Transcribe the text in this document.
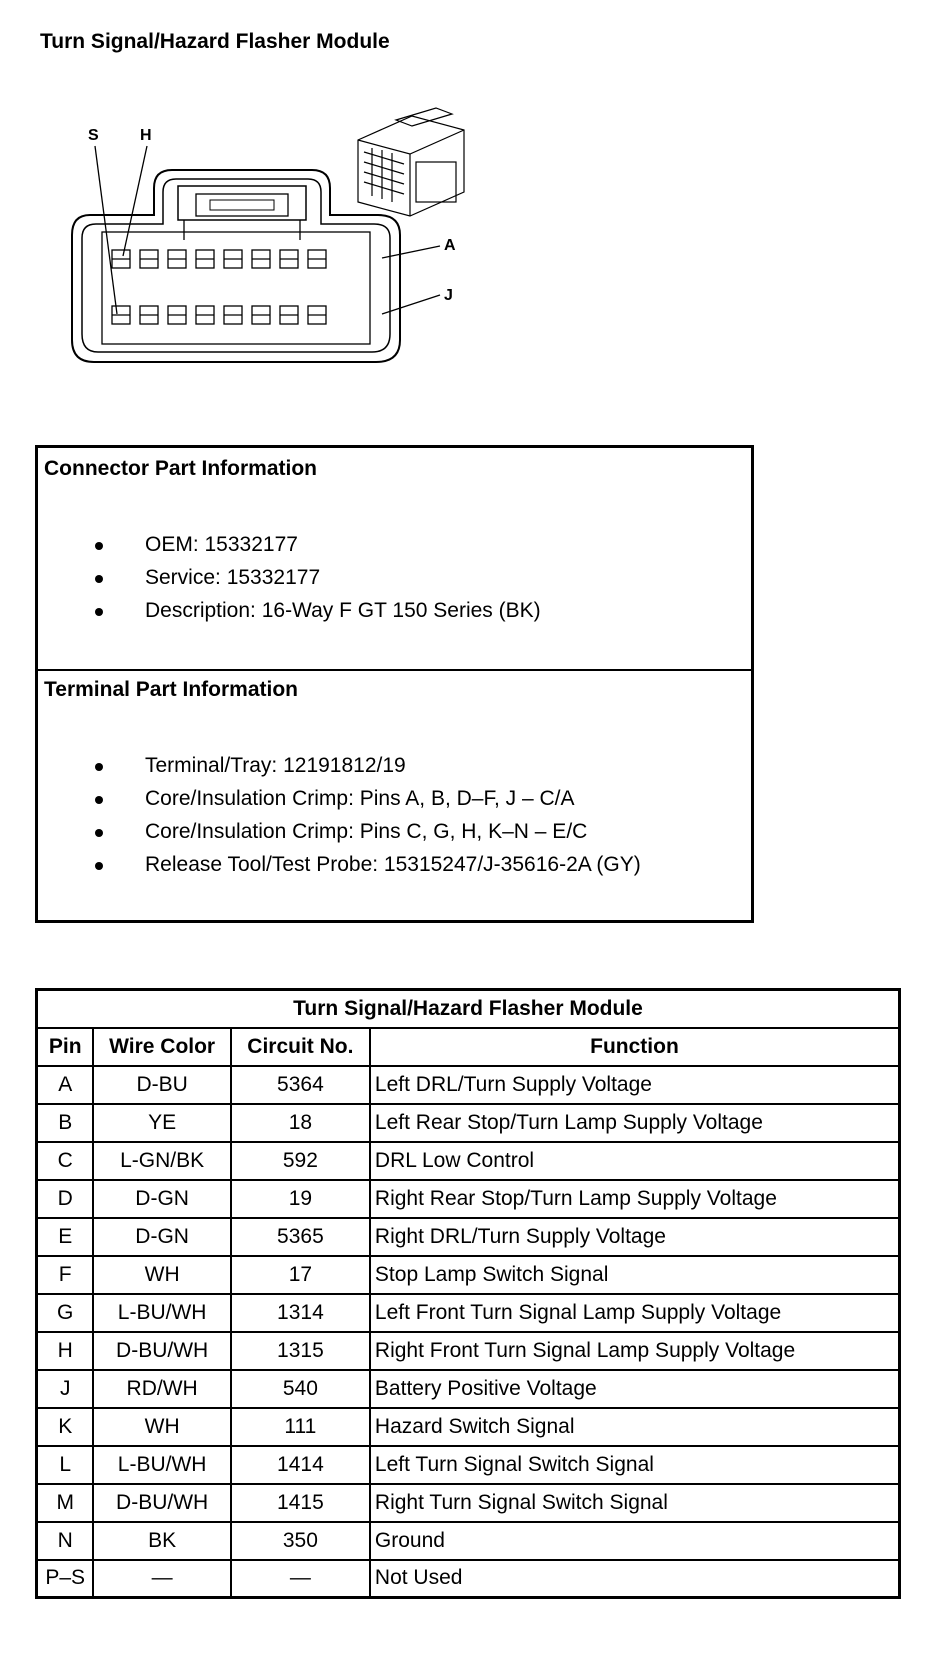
Turn Signal/Hazard Flasher Module
S	H
A
J
Connector Part Information
OEM: 15332177
Service: 15332177
Description: 16-Way F GT 150 Series (BK)
Terminal Part Information
Terminal/Tray: 12191812/19
Core/Insulation Crimp: Pins A, B, D–F, J – C/A
Core/Insulation Crimp: Pins C, G, H, K–N – E/C
Release Tool/Test Probe: 15315247/J-35616-2A (GY)
Turn Signal/Hazard Flasher Module			
Pin	Wire Color	Circuit No.	Function
A	D-BU	5364	Left DRL/Turn Supply Voltage
B	YE	18	Left Rear Stop/Turn Lamp Supply Voltage
C	L-GN/BK	592	DRL Low Control
D	D-GN	19	Right Rear Stop/Turn Lamp Supply Voltage
E	D-GN	5365	Right DRL/Turn Supply Voltage
F	WH	17	Stop Lamp Switch Signal
G	L-BU/WH	1314	Left Front Turn Signal Lamp Supply Voltage
H	D-BU/WH	1315	Right Front Turn Signal Lamp Supply Voltage
J	RD/WH	540	Battery Positive Voltage
K	WH	111	Hazard Switch Signal
L	L-BU/WH	1414	Left Turn Signal Switch Signal
M	D-BU/WH	1415	Right Turn Signal Switch Signal
N	BK	350	Ground
P–S	—	—	Not Used
